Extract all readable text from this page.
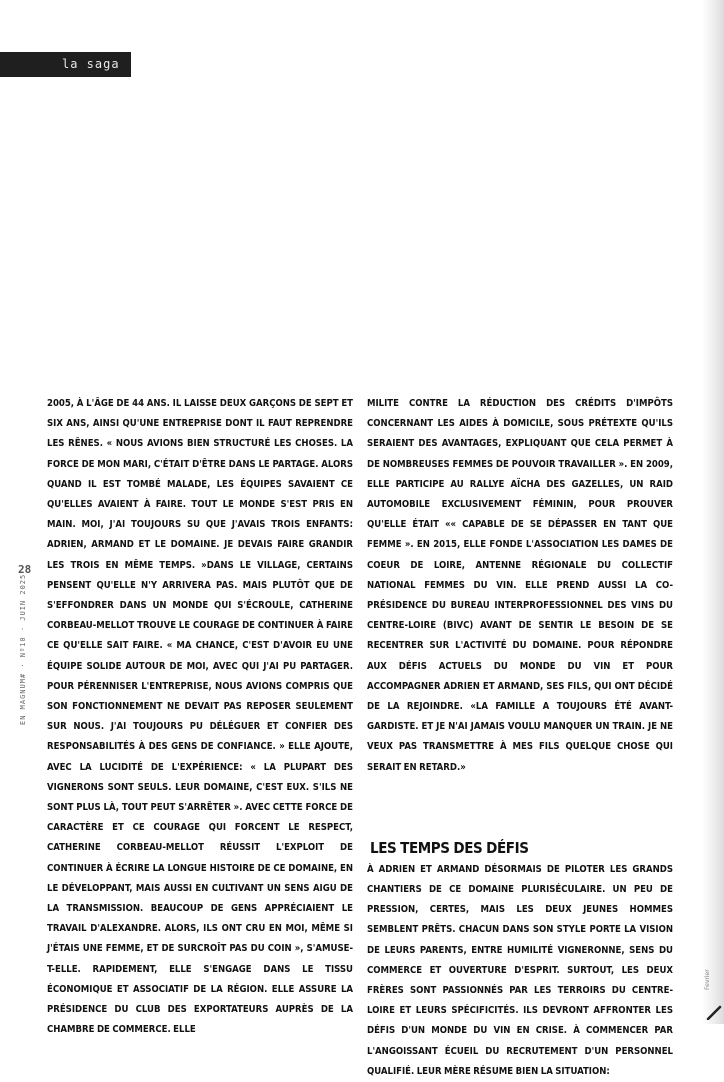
la saga
28
EN MAGNUM# · Nº10 · JUIN 2025
Fevrier

2005, À L'ÂGE DE 44 ANS. IL LAISSE DEUX GARÇONS DE SEPT ET SIX ANS, AINSI QU'UNE ENTREPRISE DONT IL FAUT REPRENDRE LES RÊNES. « NOUS AVIONS BIEN STRUCTURÉ LES CHOSES. LA FORCE DE MON MARI, C'ÉTAIT D'ÊTRE DANS LE PARTAGE. ALORS QUAND IL EST TOMBÉ MALADE, LES ÉQUIPES SAVAIENT CE QU'ELLES AVAIENT À FAIRE. TOUT LE MONDE S'EST PRIS EN MAIN. MOI, J'AI TOUJOURS SU QUE J'AVAIS TROIS ENFANTS: ADRIEN, ARMAND ET LE DOMAINE. JE DEVAIS FAIRE GRANDIR LES TROIS EN MÊME TEMPS. »DANS LE VILLAGE, CERTAINS PENSENT QU'ELLE N'Y ARRIVERA PAS. MAIS PLUTÔT QUE DE S'EFFONDRER DANS UN MONDE QUI S'ÉCROULE, CATHERINE CORBEAU-MELLOT TROUVE LE COURAGE DE CONTINUER À FAIRE CE QU'ELLE SAIT FAIRE. « MA CHANCE, C'EST D'AVOIR EU UNE ÉQUIPE SOLIDE AUTOUR DE MOI, AVEC QUI J'AI PU PARTAGER. POUR PÉRENNISER L'ENTREPRISE, NOUS AVIONS COMPRIS QUE SON FONCTIONNEMENT NE DEVAIT PAS REPOSER SEULEMENT SUR NOUS. J'AI TOUJOURS PU DÉLÉGUER ET CONFIER DES RESPONSABILITÉS À DES GENS DE CONFIANCE. » ELLE AJOUTE, AVEC LA LUCIDITÉ DE L'EXPÉRIENCE: « LA PLUPART DES VIGNERONS SONT SEULS. LEUR DOMAINE, C'EST EUX. S'ILS NE SONT PLUS LÀ, TOUT PEUT S'ARRÊTER ». AVEC CETTE FORCE DE CARACTÈRE ET CE COURAGE QUI FORCENT LE RESPECT, CATHERINE CORBEAU-MELLOT RÉUSSIT L'EXPLOIT DE CONTINUER À ÉCRIRE LA LONGUE HISTOIRE DE CE DOMAINE, EN LE DÉVELOPPANT, MAIS AUSSI EN CULTIVANT UN SENS AIGU DE LA TRANSMISSION. BEAUCOUP DE GENS APPRÉCIAIENT LE TRAVAIL D'ALEXANDRE. ALORS, ILS ONT CRU EN MOI, MÊME SI J'ÉTAIS UNE FEMME, ET DE SURCROÎT PAS DU COIN », S'AMUSE-T-ELLE. RAPIDEMENT, ELLE S'ENGAGE DANS LE TISSU ÉCONOMIQUE ET ASSOCIATIF DE LA RÉGION. ELLE ASSURE LA PRÉSIDENCE DU CLUB DES EXPORTATEURS AUPRÈS DE LA CHAMBRE DE COMMERCE. ELLE

MILITE CONTRE LA RÉDUCTION DES CRÉDITS D'IMPÔTS CONCERNANT LES AIDES À DOMICILE, SOUS PRÉTEXTE QU'ILS SERAIENT DES AVANTAGES, EXPLIQUANT QUE CELA PERMET À DE NOMBREUSES FEMMES DE POUVOIR TRAVAILLER ». EN 2009, ELLE PARTICIPE AU RALLYE AÏCHA DES GAZELLES, UN RAID AUTOMOBILE EXCLUSIVEMENT FÉMININ, POUR PROUVER QU'ELLE ÉTAIT «« CAPABLE DE SE DÉPASSER EN TANT QUE FEMME ». EN 2015, ELLE FONDE L'ASSOCIATION LES DAMES DE COEUR DE LOIRE, ANTENNE RÉGIONALE DU COLLECTIF NATIONAL FEMMES DU VIN. ELLE PREND AUSSI LA CO-PRÉSIDENCE DU BUREAU INTERPROFESSIONNEL DES VINS DU CENTRE-LOIRE (BIVC) AVANT DE SENTIR LE BESOIN DE SE RECENTRER SUR L'ACTIVITÉ DU DOMAINE. POUR RÉPONDRE AUX DÉFIS ACTUELS DU MONDE DU VIN ET POUR ACCOMPAGNER ADRIEN ET ARMAND, SES FILS, QUI ONT DÉCIDÉ DE LA REJOINDRE. «LA FAMILLE A TOUJOURS ÉTÉ AVANT-GARDISTE. ET JE N'AI JAMAIS VOULU MANQUER UN TRAIN. JE NE VEUX PAS TRANSMETTRE À MES FILS QUELQUE CHOSE QUI SERAIT EN RETARD.»

LES TEMPS DES DÉFIS

À ADRIEN ET ARMAND DÉSORMAIS DE PILOTER LES GRANDS CHANTIERS DE CE DOMAINE PLURISÉCULAIRE. UN PEU DE PRESSION, CERTES, MAIS LES DEUX JEUNES HOMMES SEMBLENT PRÊTS. CHACUN DANS SON STYLE PORTE LA VISION DE LEURS PARENTS, ENTRE HUMILITÉ VIGNERONNE, SENS DU COMMERCE ET OUVERTURE D'ESPRIT. SURTOUT, LES DEUX FRÈRES SONT PASSIONNÉS PAR LES TERROIRS DU CENTRE-LOIRE ET LEURS SPÉCIFICITÉS. ILS DEVRONT AFFRONTER LES DÉFIS D'UN MONDE DU VIN EN CRISE. À COMMENCER PAR L'ANGOISSANT ÉCUEIL DU RECRUTEMENT D'UN PERSONNEL QUALIFIÉ. LEUR MÈRE RÉSUME BIEN LA SITUATION:
